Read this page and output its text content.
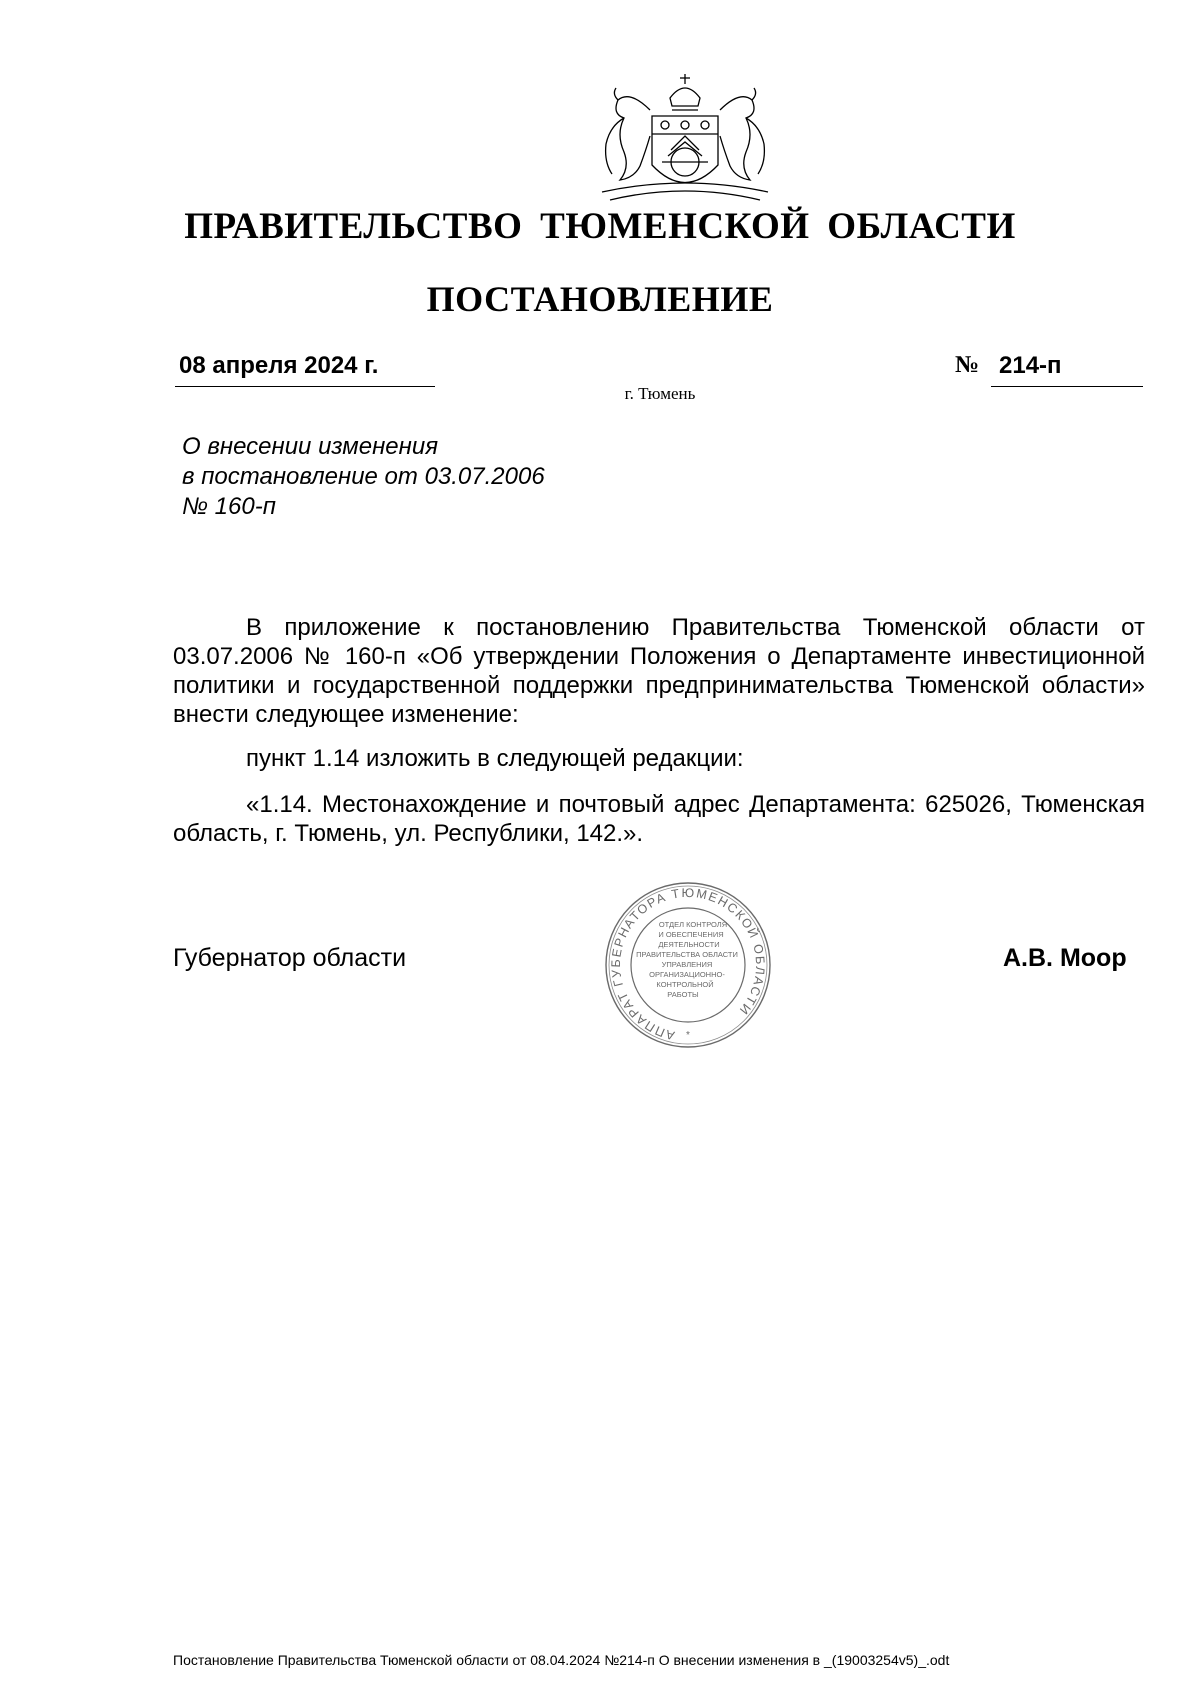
ПРАВИТЕЛЬСТВО ТЮМЕНСКОЙ ОБЛАСТИ
ПОСТАНОВЛЕНИЕ
08 апреля 2024 г.	№ 214-п
г. Тюмень
О внесении изменения
в постановление от 03.07.2006
№ 160-п
В приложение к постановлению Правительства Тюменской области от 03.07.2006 № 160-п «Об утверждении Положения о Департаменте инвестиционной политики и государственной поддержки предпринимательства Тюменской области» внести следующее изменение:
пункт 1.14 изложить в следующей редакции:
«1.14. Местонахождение и почтовый адрес Департамента: 625026, Тюменская область, г. Тюмень, ул. Республики, 142.».
АППАРАТ ГУБЕРНАТОРА ТЮМЕНСКОЙ ОБЛАСТИ
*
ОТДЕЛ КОНТРОЛЯ
И ОБЕСПЕЧЕНИЯ
ДЕЯТЕЛЬНОСТИ
ПРАВИТЕЛЬСТВА ОБЛАСТИ
УПРАВЛЕНИЯ
ОРГАНИЗАЦИОННО-
КОНТРОЛЬНОЙ
РАБОТЫ
Губернатор области	А.В. Моор
Постановление Правительства Тюменской области от 08.04.2024 №214-п О внесении изменения в _(19003254v5)_.odt
